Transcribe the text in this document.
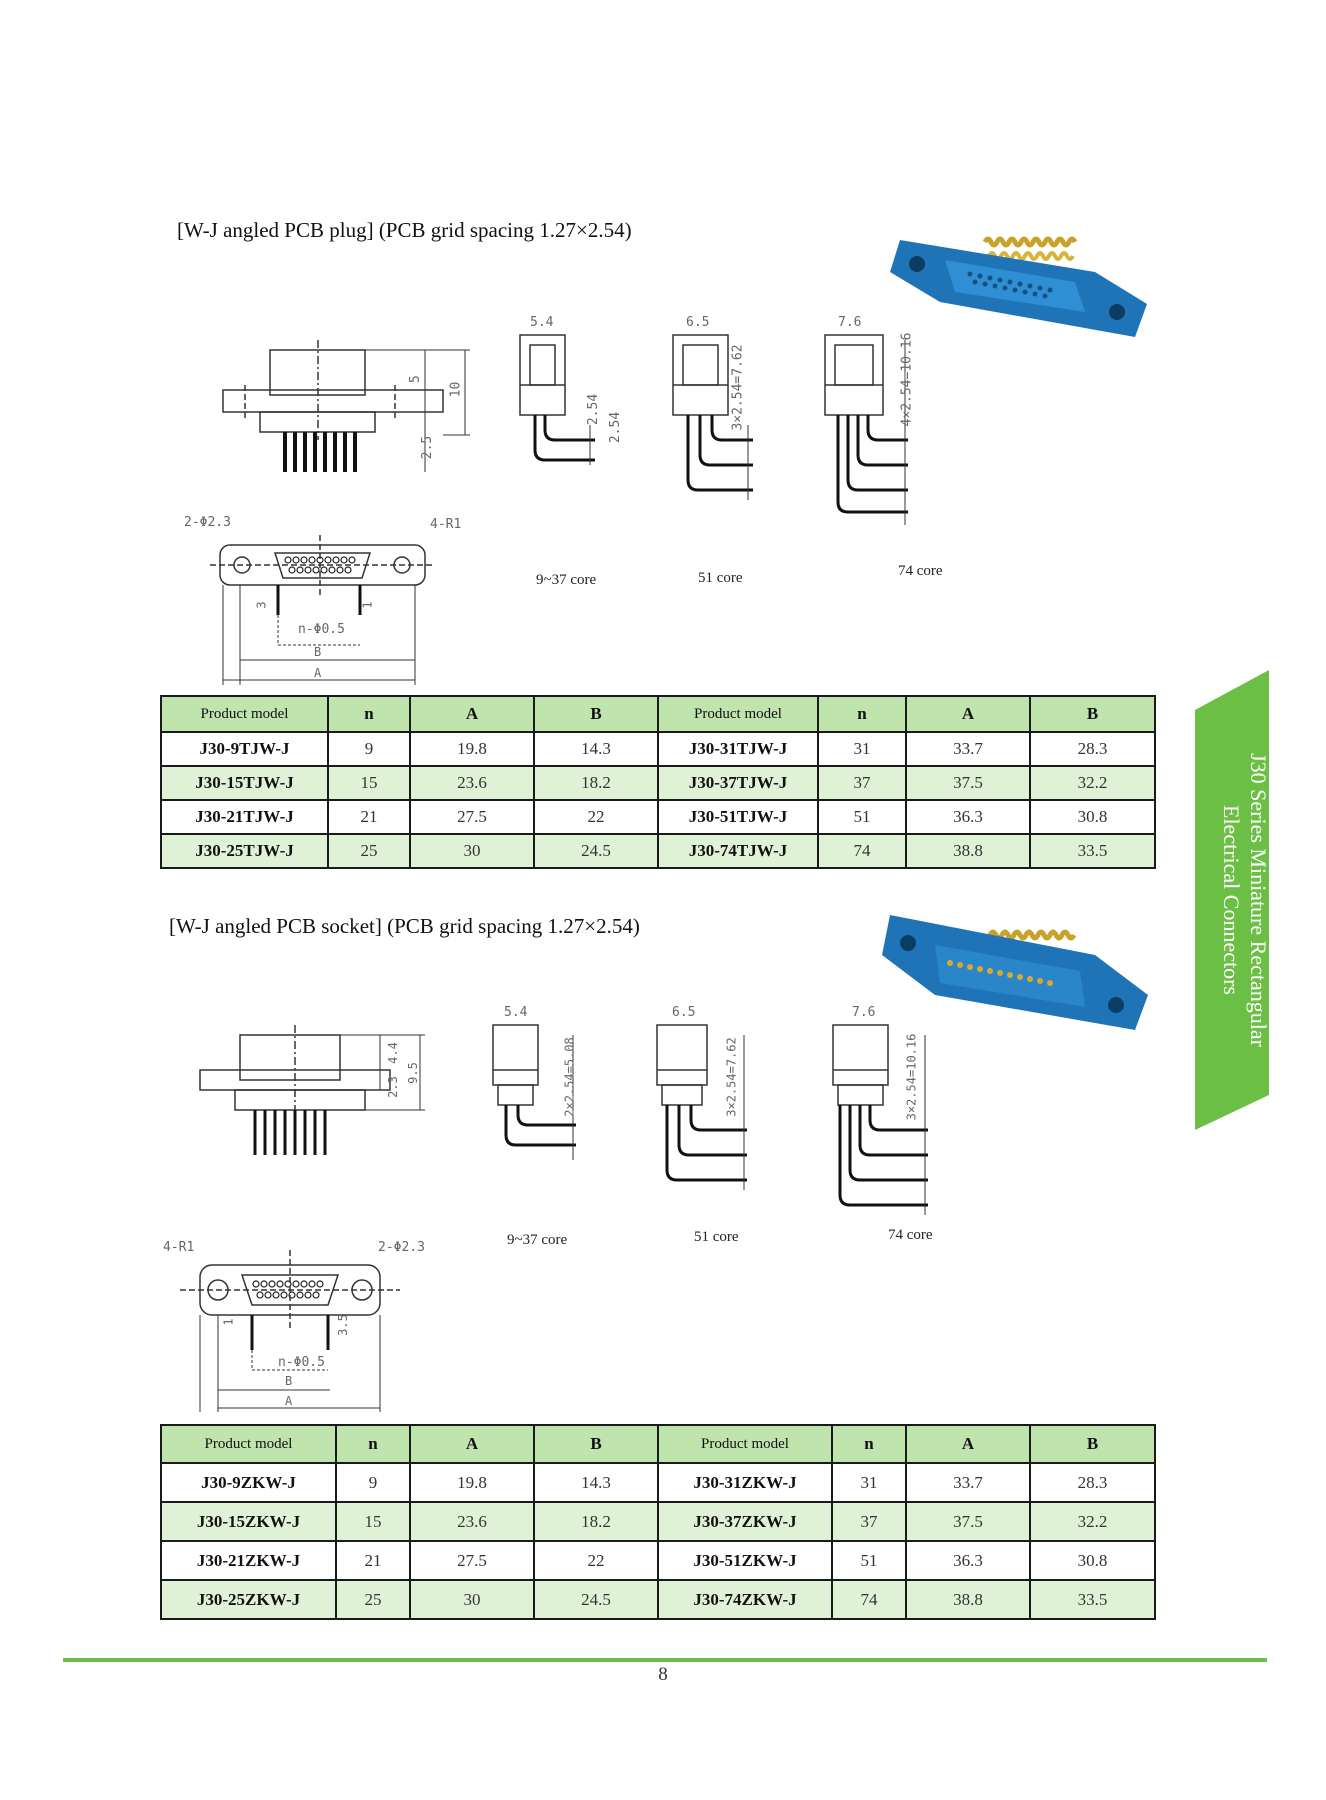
[W-J angled PCB plug] (PCB grid spacing 1.27×2.54)
5
10
2.5
5.4	6.5	7.6
2.54
2.54	3×2.54=7.62	4×2.54=10.16
2-Φ2.3	4-R1
n-Φ0.5
B
A
3	1
9~37 core	51 core	74 core
Product model	n	A	B	Product model	n	A	B
J30-9TJW-J	9	19.8	14.3	J30-31TJW-J	31	33.7	28.3
J30-15TJW-J	15	23.6	18.2	J30-37TJW-J	37	37.5	32.2
J30-21TJW-J	21	27.5	22	J30-51TJW-J	51	36.3	30.8
J30-25TJW-J	25	30	24.5	J30-74TJW-J	74	38.8	33.5
[W-J angled PCB socket] (PCB grid spacing 1.27×2.54)
4.4
9.5
2.3
5.4	6.5	7.6
2×2.54=5.08	3×2.54=7.62	3×2.54=10.16
4-R1	2-Φ2.3
n-Φ0.5
B
A
1	3.5
9~37 core	51 core	74 core
Product model	n	A	B	Product model	n	A	B
J30-9ZKW-J	9	19.8	14.3	J30-31ZKW-J	31	33.7	28.3
J30-15ZKW-J	15	23.6	18.2	J30-37ZKW-J	37	37.5	32.2
J30-21ZKW-J	21	27.5	22	J30-51ZKW-J	51	36.3	30.8
J30-25ZKW-J	25	30	24.5	J30-74ZKW-J	74	38.8	33.5
J30 Series Miniature Rectangular
Electrical Connectors
8
